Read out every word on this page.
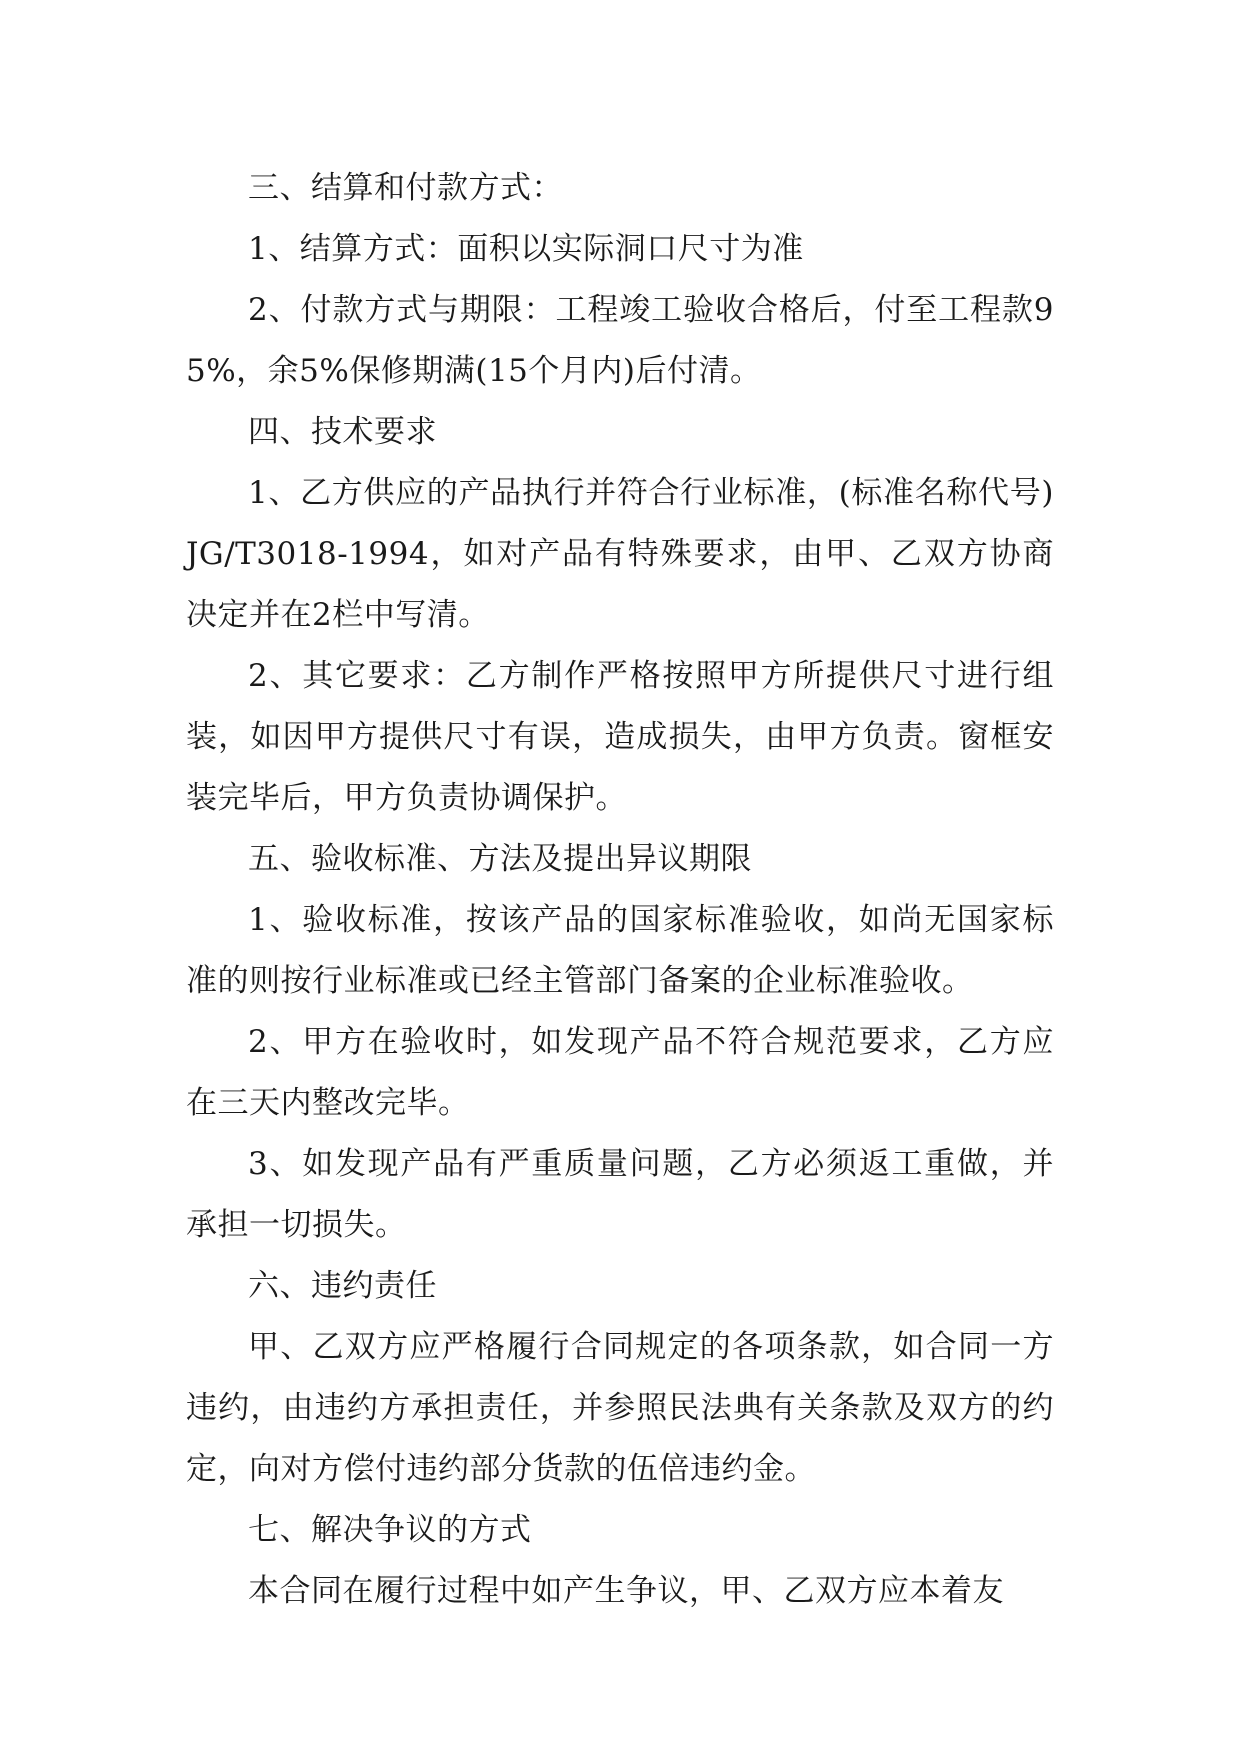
三、结算和付款方式：

1、结算方式：面积以实际洞口尺寸为准

2、付款方式与期限：工程竣工验收合格后，付至工程款95%，余5%保修期满(15个月内)后付清。

四、技术要求

1、乙方供应的产品执行并符合行业标准，(标准名称代号)JG/T3018-1994，如对产品有特殊要求，由甲、乙双方协商决定并在2栏中写清。

2、其它要求：乙方制作严格按照甲方所提供尺寸进行组装，如因甲方提供尺寸有误，造成损失，由甲方负责。窗框安装完毕后，甲方负责协调保护。

五、验收标准、方法及提出异议期限

1、验收标准，按该产品的国家标准验收，如尚无国家标准的则按行业标准或已经主管部门备案的企业标准验收。

2、甲方在验收时，如发现产品不符合规范要求，乙方应在三天内整改完毕。

3、如发现产品有严重质量问题，乙方必须返工重做，并承担一切损失。

六、违约责任

甲、乙双方应严格履行合同规定的各项条款，如合同一方违约，由违约方承担责任，并参照民法典有关条款及双方的约定，向对方偿付违约部分货款的伍倍违约金。

七、解决争议的方式

本合同在履行过程中如产生争议，甲、乙双方应本着友
